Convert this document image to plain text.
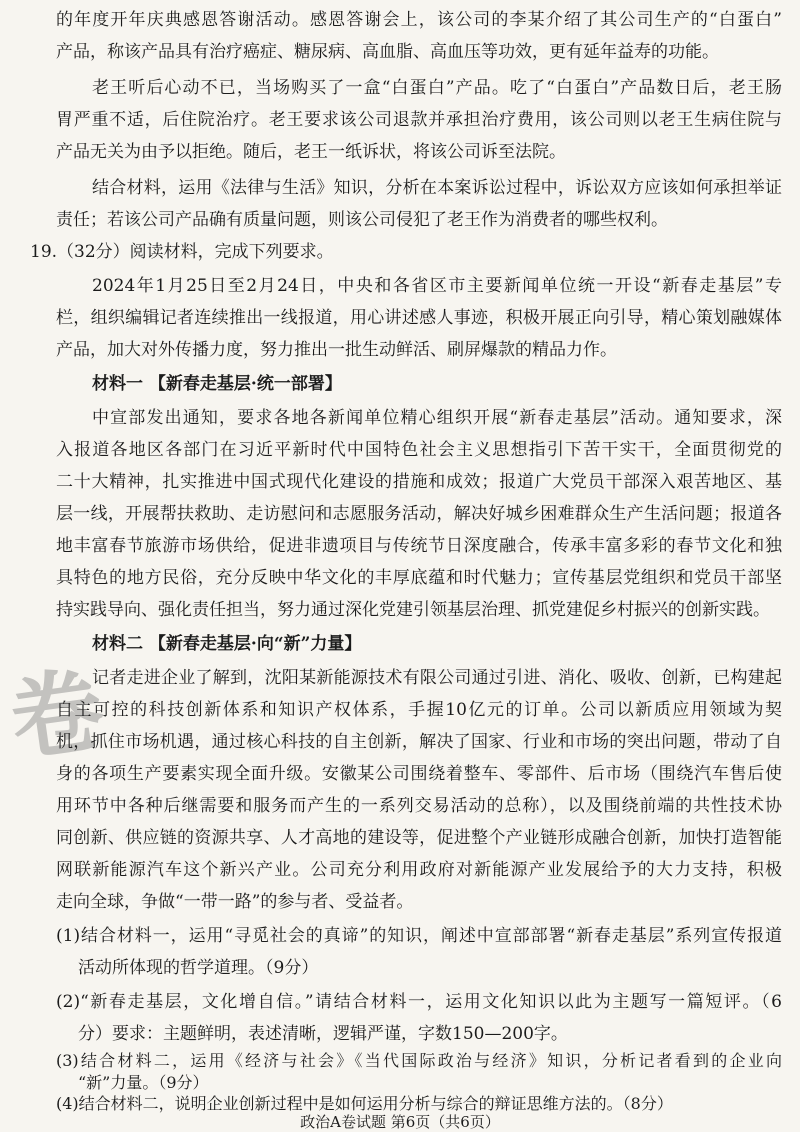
卷
的年度开年庆典感恩答谢活动。感恩答谢会上，该公司的李某介绍了其公司生产的“白蛋白”
产品，称该产品具有治疗癌症、糖尿病、高血脂、高血压等功效，更有延年益寿的功能。
老王听后心动不已，当场购买了一盒“白蛋白”产品。吃了“白蛋白”产品数日后，老王肠
胃严重不适，后住院治疗。老王要求该公司退款并承担治疗费用，该公司则以老王生病住院与
产品无关为由予以拒绝。随后，老王一纸诉状，将该公司诉至法院。
结合材料，运用《法律与生活》知识，分析在本案诉讼过程中，诉讼双方应该如何承担举证
责任；若该公司产品确有质量问题，则该公司侵犯了老王作为消费者的哪些权利。
19.（32分）阅读材料，完成下列要求。
2024年1月25日至2月24日，中央和各省区市主要新闻单位统一开设“新春走基层”专
栏，组织编辑记者连续推出一线报道，用心讲述感人事迹，积极开展正向引导，精心策划融媒体
产品，加大对外传播力度，努力推出一批生动鲜活、刷屏爆款的精品力作。
材料一 【新春走基层·统一部署】
中宣部发出通知，要求各地各新闻单位精心组织开展“新春走基层”活动。通知要求，深
入报道各地区各部门在习近平新时代中国特色社会主义思想指引下苦干实干，全面贯彻党的
二十大精神，扎实推进中国式现代化建设的措施和成效；报道广大党员干部深入艰苦地区、基
层一线，开展帮扶救助、走访慰问和志愿服务活动，解决好城乡困难群众生产生活问题；报道各
地丰富春节旅游市场供给，促进非遗项目与传统节日深度融合，传承丰富多彩的春节文化和独
具特色的地方民俗，充分反映中华文化的丰厚底蕴和时代魅力；宣传基层党组织和党员干部坚
持实践导向、强化责任担当，努力通过深化党建引领基层治理、抓党建促乡村振兴的创新实践。
材料二 【新春走基层·向“新”力量】
记者走进企业了解到，沈阳某新能源技术有限公司通过引进、消化、吸收、创新，已构建起
自主可控的科技创新体系和知识产权体系，手握10亿元的订单。公司以新质应用领域为契
机，抓住市场机遇，通过核心科技的自主创新，解决了国家、行业和市场的突出问题，带动了自
身的各项生产要素实现全面升级。安徽某公司围绕着整车、零部件、后市场（围绕汽车售后使
用环节中各种后继需要和服务而产生的一系列交易活动的总称），以及围绕前端的共性技术协
同创新、供应链的资源共享、人才高地的建设等，促进整个产业链形成融合创新，加快打造智能
网联新能源汽车这个新兴产业。公司充分利用政府对新能源产业发展给予的大力支持，积极
走向全球，争做“一带一路”的参与者、受益者。
(1)结合材料一，运用“寻觅社会的真谛”的知识，阐述中宣部部署“新春走基层”系列宣传报道
活动所体现的哲学道理。（9分）
(2)“新春走基层，文化增自信。”请结合材料一，运用文化知识以此为主题写一篇短评。（6
分）要求：主题鲜明，表述清晰，逻辑严谨，字数150—200字。
(3)结合材料二，运用《经济与社会》《当代国际政治与经济》知识，分析记者看到的企业向
“新”力量。（9分）
政治A卷试题 第6页（共6页）
(4)结合材料二，说明企业创新过程中是如何运用分析与综合的辩证思维方法的。（8分）
